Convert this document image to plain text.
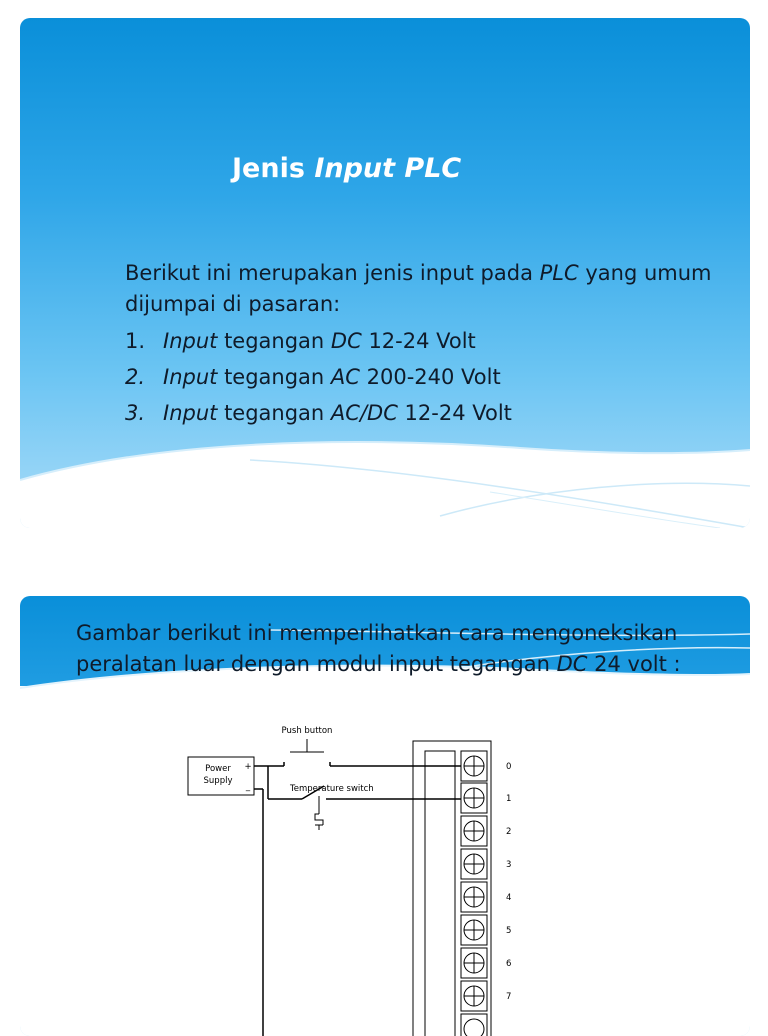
Jenis Input PLC

Berikut ini merupakan jenis input pada PLC yang umum dijumpai di pasaran:

1. Input tegangan DC 12-24 Volt
2. Input tegangan AC 200-240 Volt
3. Input tegangan AC/DC 12-24 Volt
Gambar berikut ini memperlihatkan cara mengoneksikan peralatan luar dengan modul input tegangan DC 24 volt :
Power
Supply
+
_
Push button
Temperature switch
0
1
2
3
4
5
6
7
